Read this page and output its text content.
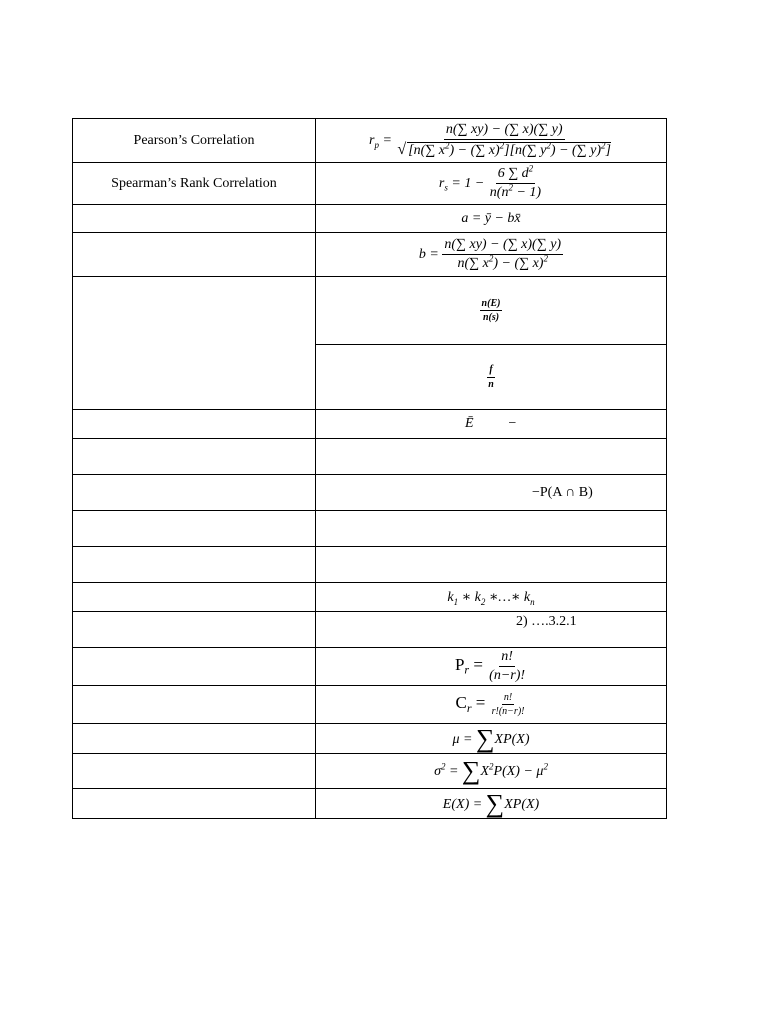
Pearson’s Correlation	$r_p = \frac{n(\sum xy) - (\sum x)(\sum y)}{√ [n(\sum x^2) - (\sum x)^2][n(\sum y^2) - (\sum y)^2]}$

Spearman’s Rank Correlation	$r_s = 1 - \frac{6 \sum d^2}{n(n^2 - 1)}$

	a = ȳ − bx̄
	$b = \frac{n(\sum xy) - (\sum x)(\sum y)}{n(\sum x^2) - (\sum x)^2}$

	$\frac{n(E)}{n(s)}$

	$\frac{f}{n}$

	Ē −

	−P(A ∩ B)

	$k_1$ ∗ $k_2$ ∗…∗ $k_n$
	2) ….3.2.1
	$P_r = \frac{n!}{(n-r)!}$

	$C_r = \frac{n!}{r!(n-r)!}$

	μ = ∑XP(X)
	$\sigma^2 = \sum X^2P(X) - \mu^2$
	E(X) = ∑XP(X)
